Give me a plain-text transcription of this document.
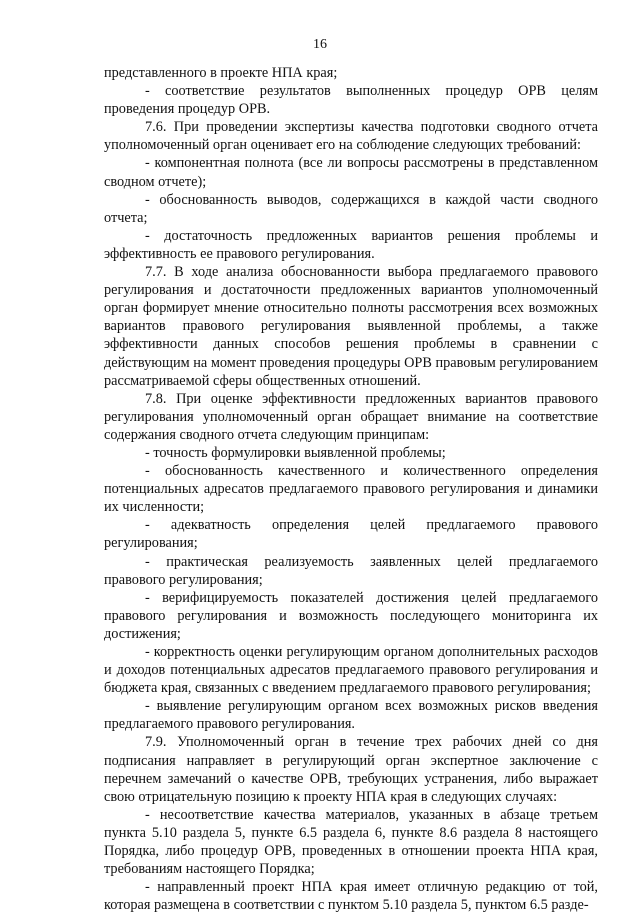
16

представленного в проекте НПА края;

- соответствие результатов выполненных процедур ОРВ целям проведения процедур ОРВ.

7.6. При проведении экспертизы качества подготовки сводного отчета уполномоченный орган оценивает его на соблюдение следующих требований:

- компонентная полнота (все ли вопросы рассмотрены в представленном сводном отчете);

- обоснованность выводов, содержащихся в каждой части сводного отчета;

- достаточность предложенных вариантов решения проблемы и эффективность ее правового регулирования.

7.7. В ходе анализа обоснованности выбора предлагаемого правового регулирования и достаточности предложенных вариантов уполномоченный орган формирует мнение относительно полноты рассмотрения всех возможных вариантов правового регулирования выявленной проблемы, а также эффективности данных способов решения проблемы в сравнении с действующим на момент проведения процедуры ОРВ правовым регулированием рассматриваемой сферы общественных отношений.

7.8. При оценке эффективности предложенных вариантов правового регулирования уполномоченный орган обращает внимание на соответствие содержания сводного отчета следующим принципам:

- точность формулировки выявленной проблемы;

- обоснованность качественного и количественного определения потенциальных адресатов предлагаемого правового регулирования и динамики их численности;

- адекватность определения целей предлагаемого правового регулирования;

- практическая реализуемость заявленных целей предлагаемого правового регулирования;

- верифицируемость показателей достижения целей предлагаемого правового регулирования и возможность последующего мониторинга их достижения;

- корректность оценки регулирующим органом дополнительных расходов и доходов потенциальных адресатов предлагаемого правового регулирования и бюджета края, связанных с введением предлагаемого правового регулирования;

- выявление регулирующим органом всех возможных рисков введения предлагаемого правового регулирования.

7.9. Уполномоченный орган в течение трех рабочих дней со дня подписания направляет в регулирующий орган экспертное заключение с перечнем замечаний о качестве ОРВ, требующих устранения, либо выражает свою отрицательную позицию к проекту НПА края в следующих случаях:

- несоответствие качества материалов, указанных в абзаце третьем пункта 5.10 раздела 5, пункте 6.5 раздела 6, пункте 8.6 раздела 8 настоящего Порядка, либо процедур ОРВ, проведенных в отношении проекта НПА края, требованиям настоящего Порядка;

- направленный проект НПА края имеет отличную редакцию от той, которая размещена в соответствии с пунктом 5.10 раздела 5, пунктом 6.5 разде-
